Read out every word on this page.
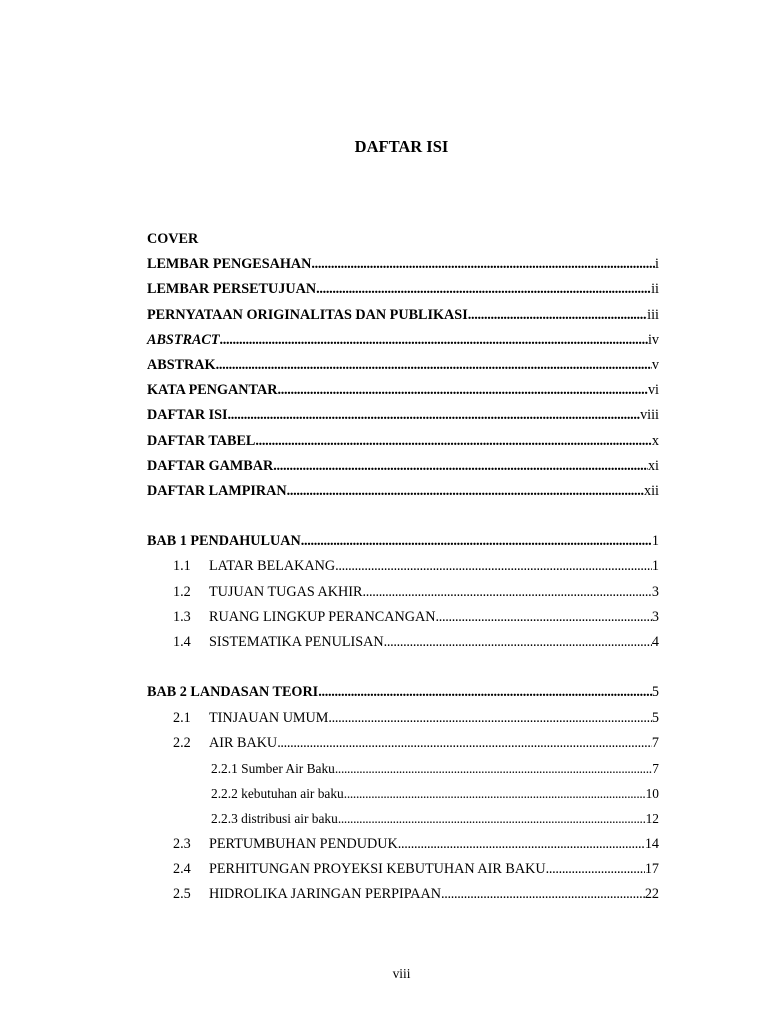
DAFTAR ISI
COVER
LEMBAR PENGESAHAN .....	i
LEMBAR PERSETUJUAN .....	ii
PERNYATAAN ORIGINALITAS DAN PUBLIKASI .....	iii
ABSTRACT .....	iv
ABSTRAK .....	v
KATA PENGANTAR .....	vi
DAFTAR ISI .....	viii
DAFTAR TABEL .....	x
DAFTAR GAMBAR .....	xi
DAFTAR LAMPIRAN .....	xii
BAB 1 PENDAHULUAN .....	1
1.1	LATAR BELAKANG .....	1
1.2	TUJUAN TUGAS AKHIR .....	3
1.3	RUANG LINGKUP PERANCANGAN .....	3
1.4	SISTEMATIKA PENULISAN .....	4
BAB 2 LANDASAN TEORI .....	5
2.1	TINJAUAN UMUM .....	5
2.2	AIR BAKU .....	7
2.2.1 Sumber Air Baku .....	7
2.2.2 kebutuhan air baku .....	10
2.2.3 distribusi air baku .....	12
2.3	PERTUMBUHAN PENDUDUK .....	14
2.4	PERHITUNGAN PROYEKSI KEBUTUHAN AIR BAKU .....	17
2.5	HIDROLIKA JARINGAN PERPIPAAN .....	22
viii
